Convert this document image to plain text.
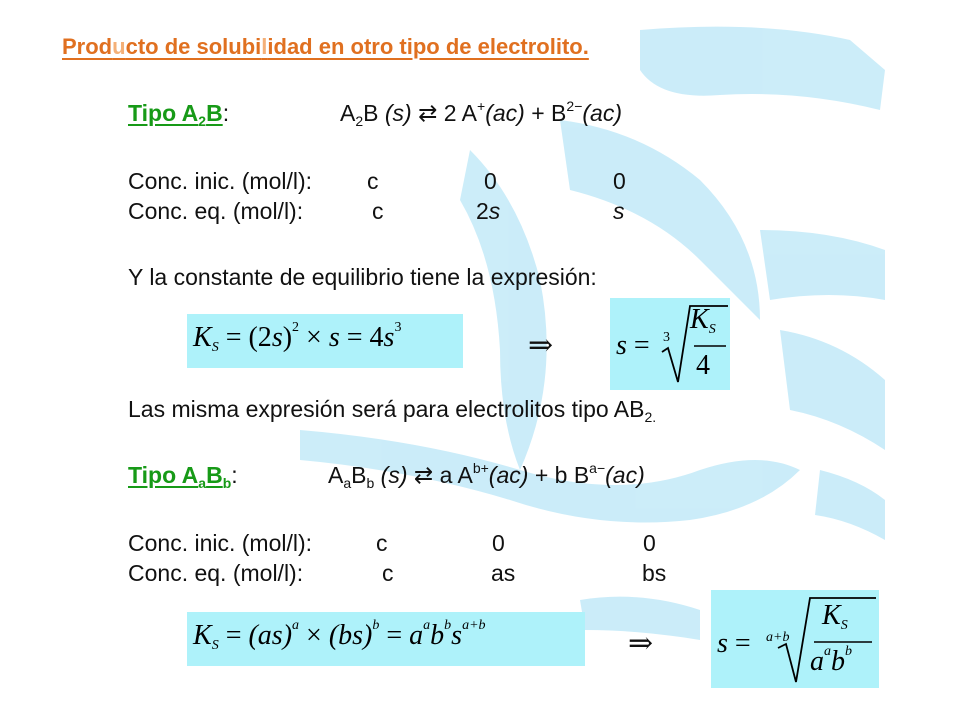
Producto de solubilidad en otro tipo de electrolito.
Tipo $A_2B$:	$A_2B$ (s) ⇄ 2 $A^+(ac) + B^{2-}(ac)$
Conc. inic. (mol/l): c	0	0
Conc. eq. (mol/l):	c	2s	s
Y la constante de equilibrio tiene la expresión:
$K_S = (2s)^2 \times s = 4s^3$
⇒ s = 3
$K_S$
4
Las misma expresión será para electrolitos tipo $AB_{2.}$
Tipo $A_aB_b$:	$A_aB_b$ (s) ⇄ a $A^{b+}(ac) + b$ $B^{a-}(ac)$
Conc. inic. (mol/l):	c	0	0
Conc. eq. (mol/l):	c	as	bs
$K_S = (as)^a \times (bs)^b = a^ab^bs^{a+b}$
⇒ s = a+b
$K_S$
$a^ab^b$
